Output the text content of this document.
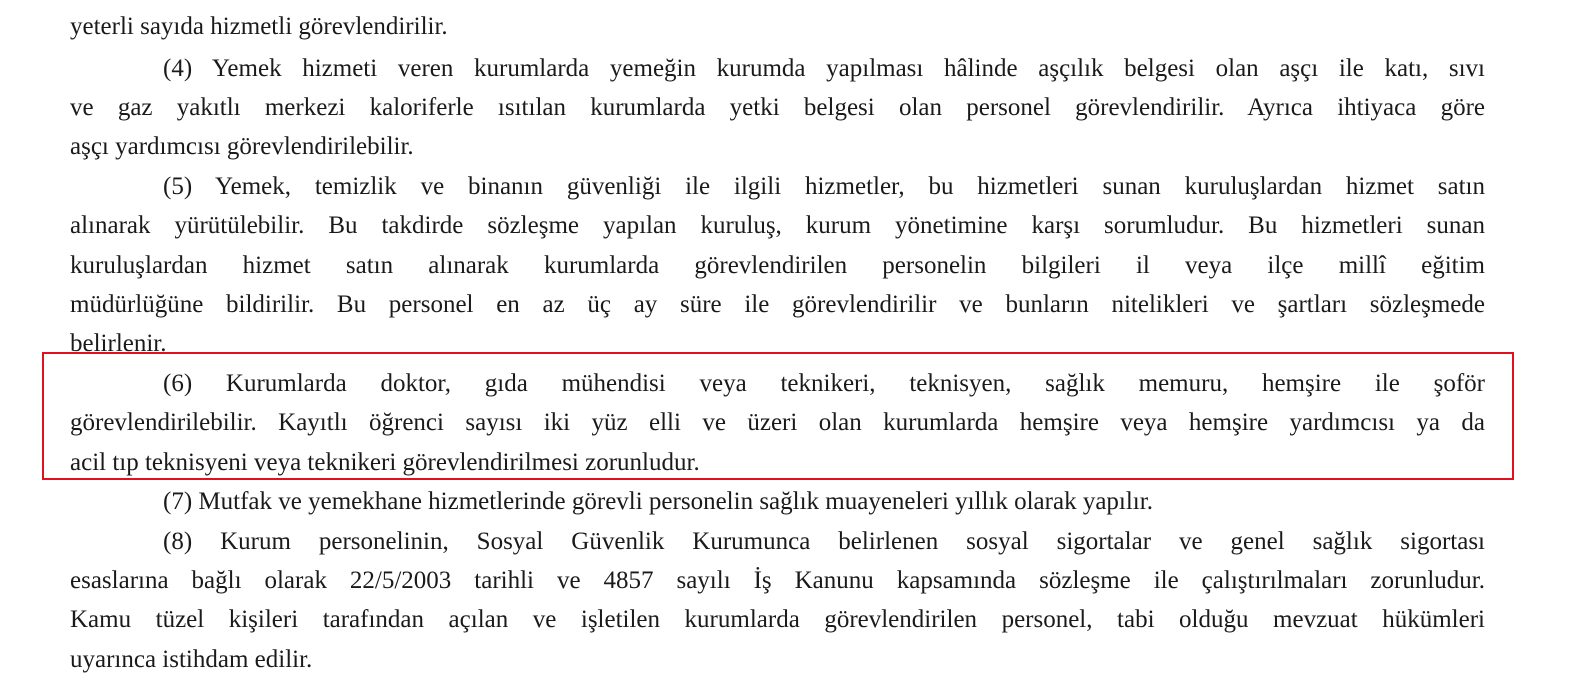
yeterli sayıda hizmetli görevlendirilir.
(4) Yemek hizmeti veren kurumlarda yemeğin kurumda yapılması hâlinde aşçılık belgesi olan aşçı ile katı, sıvı
ve gaz yakıtlı merkezi kaloriferle ısıtılan kurumlarda yetki belgesi olan personel görevlendirilir. Ayrıca ihtiyaca göre
aşçı yardımcısı görevlendirilebilir.
(5) Yemek, temizlik ve binanın güvenliği ile ilgili hizmetler, bu hizmetleri sunan kuruluşlardan hizmet satın
alınarak yürütülebilir. Bu takdirde sözleşme yapılan kuruluş, kurum yönetimine karşı sorumludur. Bu hizmetleri sunan
kuruluşlardan hizmet satın alınarak kurumlarda görevlendirilen personelin bilgileri il veya ilçe millî eğitim
müdürlüğüne bildirilir. Bu personel en az üç ay süre ile görevlendirilir ve bunların nitelikleri ve şartları sözleşmede
belirlenir.
(6) Kurumlarda doktor, gıda mühendisi veya teknikeri, teknisyen, sağlık memuru, hemşire ile şoför
görevlendirilebilir. Kayıtlı öğrenci sayısı iki yüz elli ve üzeri olan kurumlarda hemşire veya hemşire yardımcısı ya da
acil tıp teknisyeni veya teknikeri görevlendirilmesi zorunludur.
(7) Mutfak ve yemekhane hizmetlerinde görevli personelin sağlık muayeneleri yıllık olarak yapılır.
(8) Kurum personelinin, Sosyal Güvenlik Kurumunca belirlenen sosyal sigortalar ve genel sağlık sigortası
esaslarına bağlı olarak 22/5/2003 tarihli ve 4857 sayılı İş Kanunu kapsamında sözleşme ile çalıştırılmaları zorunludur.
Kamu tüzel kişileri tarafından açılan ve işletilen kurumlarda görevlendirilen personel, tabi olduğu mevzuat hükümleri
uyarınca istihdam edilir.
